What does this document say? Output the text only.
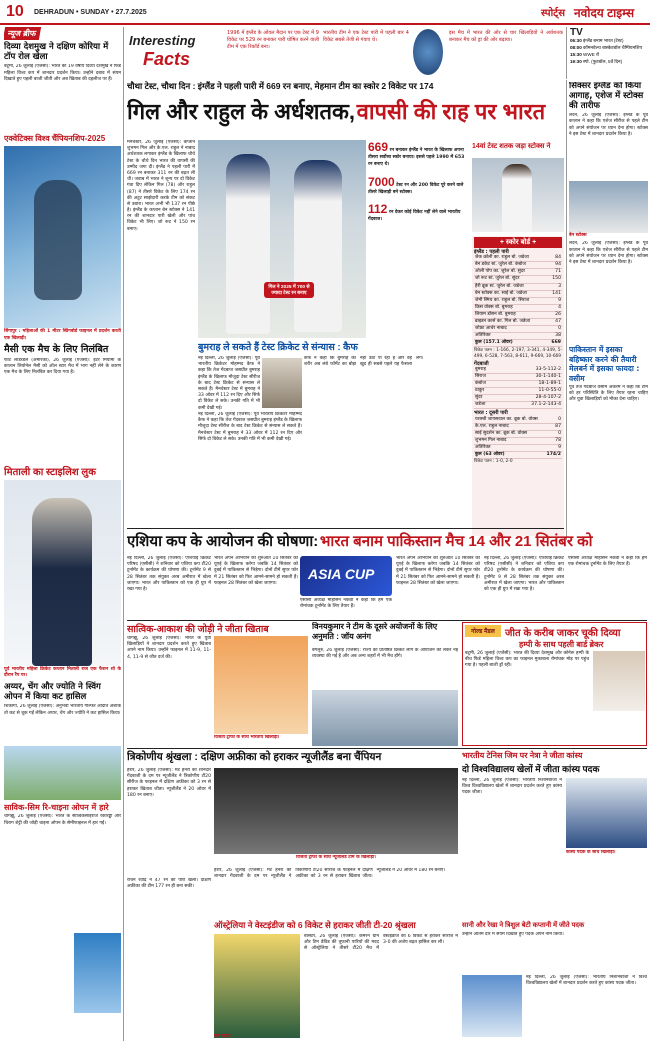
10 DEHRADUN • SUNDAY • 27.7.2025	स्पोर्ट्स नवोदय टाइम्स
न्यूज ब्रीफ
दिव्या देशमुख ने दक्षिण कोरिया में टॉप रोल खेला
बटूमी, 26 जुलाई (एजेंसी): भारत की 19 वर्षीय दिव्या देशमुख ने फिडे महिला विश्व कप में शानदार प्रदर्शन किया। उन्होंने दबाव में संयम दिखाते हुए पहली बाजी जीती और अब खिताब की दहलीज पर हैं।
एक्वेटिक्स विश्व चैंपियनशिप-2025
सिंगापुर : महिलाओं की 1 मीटर स्प्रिंगबोर्ड फाइनल में प्रदर्शन करती एक खिलाड़ी।
मैसी एक मैच के लिए निलंबित
फोर्ट लॉडरडेल (अमेरिका), 26 जुलाई (एजेंसी): इंटर मियामी के कप्तान लियोनेल मैसी को ऑल स्टार मैच में भाग नहीं लेने के कारण एक मैच के लिए निलंबित कर दिया गया है।
मिताली का स्टाइलिश लुक
पूर्व भारतीय महिला क्रिकेट कप्तान मिताली राज एक फैशन शो के दौरान रैंप पर।
अय्यर, चेंग और ज्योति ने स्विंग ओपन में किया कट हासिल
शिकागो, 26 जुलाई (एजेंसी): अनुभवी भारतीय गोल्फर अदिति अशोक तो कट से चूक गईं लेकिन अय्यर, चेंग और ज्योति ने कट हासिल किया।
साविक-सिम रि-चाइना ओपन में हारे
चांगझू, 26 जुलाई (एजेंसी): भारत के सात्विकसाईराज रंकीरेड्डी और चिराग शेट्टी की जोड़ी चाइना ओपन के सेमीफाइनल में हार गई।
Interesting
Facts
1996 में इंग्लैंड के ओवल मैदान पर एक टेस्ट में 9 विकेट पर 529 रन बनाकर पारी घोषित करने वाली टीम में एक रिकॉर्ड बना।
भारतीय टीम ने एक टेस्ट पारी में पहली बार 4 विकेट सबसे तेजी से गंवाए थे।
इस मैच में भारत की ओर से चार खिलाड़ियों ने अर्धशतक बनाकर मैच को ड्रा की ओर बढ़ाया।
TV
06:30 इंग्लैंड बनाम भारत (टेस्ट)
08:00 कॉमनवेल्थ बास्केटबॉल चैम्पियनशिप
15:30 WWE रॉ
19:30 स्पो. (फुटबॉल, 5वें दिन)
चौथा टेस्ट, चौथा दिन : इंग्लैंड ने पहली पारी में 669 रन बनाए, मेहमान टीम का स्कोर 2 विकेट पर 174
गिल और राहुल के अर्धशतक, वापसी की राह पर भारत
मैनचेस्टर, 26 जुलाई (एजेंसी): कप्तान शुभमन गिल और के.एल. राहुल ने नाबाद अर्धशतक लगाकर इंग्लैंड के खिलाफ चौथे टेस्ट के चौथे दिन भारत की वापसी की उम्मीद जगा दी। इंग्लैंड ने पहली पारी में 669 रन बनाकर 311 रन की बढ़त ली थी। जवाब में भारत ने शून्य पर दो विकेट गंवा दिए लेकिन गिल (78) और राहुल (87) ने तीसरे विकेट के लिए 174 रन की अटूट साझेदारी करके टीम को संकट से उबारा। भारत अभी भी 137 रन पीछे है। इंग्लैंड के कप्तान बेन स्टोक्स ने 141 रन की शानदार पारी खेली और पांच विकेट भी लिए। जो रूट ने 150 रन बनाए।
गिल ने 2025 में 700 से ज्यादा टेस्ट रन बनाए
669 रन बनाकर इंग्लैंड ने भारत के खिलाफ अपना तीसरा सर्वोच्च स्कोर बनाया। इससे पहले 1990 में 653 रन बनाए थे।
7000 टेस्ट रन और 200 विकेट पूरे करने वाले तीसरे खिलाड़ी बने स्टोक्स।
112 रन देकर कोई विकेट नहीं लेने वाले भारतीय गेंदबाज।
14वां टेस्ट शतक जड़ा स्टोक्स ने
+ स्कोर बोर्ड +
इंग्लैंड : पहली पारी
जैक क्रॉली का. राहुल बो. जडेजा	84
बेन डकेट स्टं. जुरेल बो. कंबोज	94
ओली पोप का. जुरेल बो. सुंदर	71
जो रूट स्टं. जुरेल बो. सुंदर	150
हैरी ब्रूक स्टं. जुरेल बो. जडेजा	3
बेन स्टोक्स का. साई बो. जडेजा	141
जेमी स्मिथ का. राहुल बो. सिराज	9
क्रिस वोक्स बो. बुमराह	4
लियाम डॉसन बो. बुमराह	26
ब्राइडन कार्स का. गिल बो. जडेजा	47
जोफ्रा आर्चर नाबाद	0
अतिरिक्त	38
कुल (157.1 ओवर)	669
विकेट पतन : 1-166, 2-197, 3-341, 4-349, 5-499, 6-528, 7-563, 8-611, 9-669, 10-669
गेंदबाजी
बुमराह	33-5-112-2
सिराज	30-1-140-1
कंबोज	18-1-89-1
ठाकुर	11-0-55-0
सुंदर	28-4-107-2
जडेजा	37.1-2-143-4
भारत : दूसरी पारी
यशस्वी जायसवाल का. ब्रूक बो. वोक्स	0
के.एल. राहुल नाबाद	87
साई सुदर्शन का. ब्रूक बो. वोक्स	0
शुभमन गिल नाबाद	78
अतिरिक्त	9
कुल (63 ओवर)	174/2
विकेट पतन : 1-0, 2-0
सिक्सर इंग्लैंड को किया आगाह, एशेज में स्टोक्स की तारीफ
लंदन, 26 जुलाई (एजेंसी): इंग्लैंड के पूर्व कप्तान ने कहा कि एशेज सीरीज से पहले टीम को अपने संयोजन पर ध्यान देना होगा। स्टोक्स ने इस टेस्ट में शानदार प्रदर्शन किया है।
बेन स्टोक्स
लंदन, 26 जुलाई (एजेंसी): इंग्लैंड के पूर्व कप्तान ने कहा कि एशेज सीरीज से पहले टीम को अपने संयोजन पर ध्यान देना होगा। स्टोक्स ने इस टेस्ट में शानदार प्रदर्शन किया है।
पाकिस्तान में इसका बहिष्कार करने की तैयारी
मेलबर्न में इसका फायदा : वसीम
पूर्व तेज गेंदबाज वसीम अकरम ने कहा कि टीम को हर परिस्थिति के लिए तैयार रहना चाहिए और युवा खिलाड़ियों को मौका देना चाहिए।
बुमराह ले सकते हैं टेस्ट क्रिकेट से संन्यास : कैफ
नई दिल्ली, 26 जुलाई (एजेंसी): पूर्व भारतीय क्रिकेटर मोहम्मद कैफ ने कहा कि तेज गेंदबाज जसप्रीत बुमराह इंग्लैंड के खिलाफ मौजूदा टेस्ट सीरीज के बाद टेस्ट क्रिकेट से संन्यास ले सकते हैं। मैनचेस्टर टेस्ट में बुमराह ने 33 ओवर में 112 रन दिए और सिर्फ दो विकेट ले सके। उनकी गति में भी कमी देखी गई।
कैफ ने कहा कि बुमराह का शरीर अब लंबे फॉर्मेट का बोझ नहीं उठा पा रहा है और वह खुद ही सबसे पहले यह फैसला लेंगे।
नई दिल्ली, 26 जुलाई (एजेंसी): पूर्व भारतीय क्रिकेटर मोहम्मद कैफ ने कहा कि तेज गेंदबाज जसप्रीत बुमराह इंग्लैंड के खिलाफ मौजूदा टेस्ट सीरीज के बाद टेस्ट क्रिकेट से संन्यास ले सकते हैं। मैनचेस्टर टेस्ट में बुमराह ने 33 ओवर में 112 रन दिए और सिर्फ दो विकेट ले सके। उनकी गति में भी कमी देखी गई।
एशिया कप के आयोजन की घोषणा: भारत बनाम पाकिस्तान मैच 14 और 21 सितंबर को
नई दिल्ली, 26 जुलाई (एजेंसी): एशियाई क्रिकेट परिषद (एसीसी) ने शनिवार को एशिया कप टी20 टूर्नामेंट के कार्यक्रम की घोषणा की। टूर्नामेंट 9 से 28 सितंबर तक संयुक्त अरब अमीरात में खेला जाएगा। भारत और पाकिस्तान को एक ही ग्रुप में रखा गया है।
भारत अपने अभियान की शुरुआत 10 सितंबर को यूएई के खिलाफ करेगा जबकि 14 सितंबर को दुबई में पाकिस्तान से भिड़ेगा। दोनों टीमें सुपर फोर में 21 सितंबर को फिर आमने-सामने हो सकती हैं। फाइनल 28 सितंबर को खेला जाएगा।
ASIA CUP
एसीसी अध्यक्ष मोहसिन नकवी ने कहा कि हम एक रोमांचक टूर्नामेंट के लिए तैयार हैं।
भारत अपने अभियान की शुरुआत 10 सितंबर को यूएई के खिलाफ करेगा जबकि 14 सितंबर को दुबई में पाकिस्तान से भिड़ेगा। दोनों टीमें सुपर फोर में 21 सितंबर को फिर आमने-सामने हो सकती हैं। फाइनल 28 सितंबर को खेला जाएगा।
नई दिल्ली, 26 जुलाई (एजेंसी): एशियाई क्रिकेट परिषद (एसीसी) ने शनिवार को एशिया कप टी20 टूर्नामेंट के कार्यक्रम की घोषणा की। टूर्नामेंट 9 से 28 सितंबर तक संयुक्त अरब अमीरात में खेला जाएगा। भारत और पाकिस्तान को एक ही ग्रुप में रखा गया है।
एसीसी अध्यक्ष मोहसिन नकवी ने कहा कि हम एक रोमांचक टूर्नामेंट के लिए तैयार हैं।
सात्विक-आकाश की जोड़ी ने जीता खिताब
चांगझू, 26 जुलाई (एजेंसी): भारत के युवा खिलाड़ियों ने शानदार प्रदर्शन करते हुए खिताब अपने नाम किया। उन्होंने फाइनल में 11-9, 11-4, 11-9 से जीत दर्ज की।
विजेता ट्रॉफी के साथ भारतीय खिलाड़ी।
विनयकुमार ने टीम के दूसरे अयोजनों के लिए अनुमति : जॉय अनंग
बेंगलुरु, 26 जुलाई (एजेंसी): राज्य की प्रतिष्ठित क्रिकेट लीग के आयोजन को लेकर नई व्यवस्था की गई है और अब अन्य शहरों में भी मैच होंगे।
गोल्ड मैडल	जीत के करीब जाकर चूकी दिव्या
हम्पी के साथ पहली बार्ड ब्रेकर
बटूमी, 26 जुलाई (एजेंसी): भारत की दिव्या देशमुख और कोनेरू हम्पी के बीच फिडे महिला विश्व कप का फाइनल मुकाबला रोमांचक मोड़ पर पहुंच गया है। पहली बाजी ड्रॉ रही।
त्रिकोणीय श्रृंखला : दक्षिण अफ्रीका को हराकर न्यूजीलैंड बना चैंपियन
हरारे, 26 जुलाई (एजेंसी): मैट हेनरी की शानदार गेंदबाजी के दम पर न्यूजीलैंड ने त्रिकोणीय टी20 सीरीज के फाइनल में दक्षिण अफ्रीका को 3 रन से हराकर खिताब जीता। न्यूजीलैंड ने 20 ओवर में 180 रन बनाए।
रचिन रवींद्र ने 47 रन की पारी खेली। दक्षिण अफ्रीका की टीम 177 रन ही बना सकी।
विजेता ट्रॉफी के साथ न्यूजीलैंड टीम के खिलाड़ी।
हरारे, 26 जुलाई (एजेंसी): मैट हेनरी की शानदार गेंदबाजी के दम पर न्यूजीलैंड ने त्रिकोणीय टी20 सीरीज के फाइनल में दक्षिण अफ्रीका को 3 रन से हराकर खिताब जीता। न्यूजीलैंड ने 20 ओवर में 180 रन बनाए।
ऑस्ट्रेलिया ने वेस्टइंडीज को 6 विकेट से हराकर जीती टी-20 श्रृंखला
टिम डेविड
बासेटेरे, 26 जुलाई (एजेंसी): कैमरन ग्रीन और टिम डेविड की तूफानी पारियों की मदद से ऑस्ट्रेलिया ने तीसरे टी20 मैच में वेस्टइंडीज को 6 विकेट से हराकर सीरीज में 3-0 की अजेय बढ़त हासिल कर ली।
भारतीय टेनिस जिम पर नेत्रा ने जीता कांस्य
दो विश्वविद्यालय खेलों में जीता कांस्य पदक
नई दिल्ली, 26 जुलाई (एजेंसी): भारतीय निशानेबाजों ने विश्व विश्वविद्यालय खेलों में शानदार प्रदर्शन करते हुए कांस्य पदक जीता।
कांस्य पदक के साथ खिलाड़ी।
सानी और रेखा ने त्रिशुल बेटी कप्तानी में जीते पदक
उन्होंने अंतिम दौर में संयम दिखाते हुए पदक अपने नाम किया।
नई दिल्ली, 26 जुलाई (एजेंसी): भारतीय निशानेबाजों ने विश्व विश्वविद्यालय खेलों में शानदार प्रदर्शन करते हुए कांस्य पदक जीता।
